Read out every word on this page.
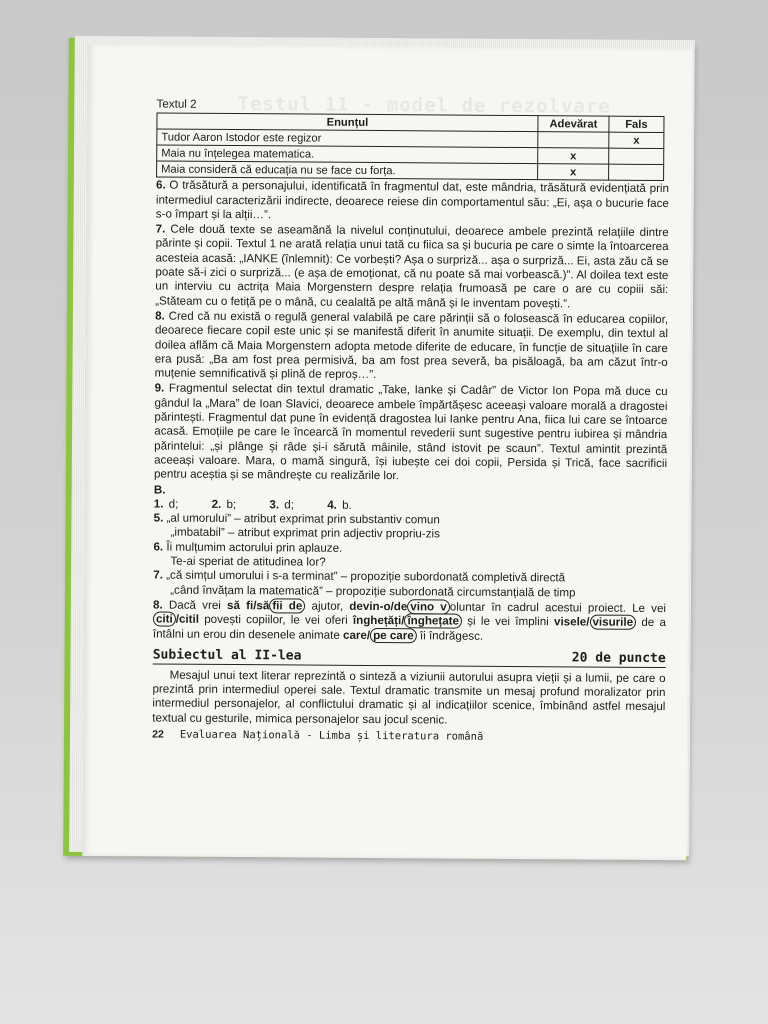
Testul 11 - model de rezolvare
Textul 2
Enunțul	Adevărat	Fals
Tudor Aaron Istodor este regizor		x
Maia nu înțelegea matematica.	x	
Maia consideră că educația nu se face cu forța.	x	

6. O trăsătură a personajului, identificată în fragmentul dat, este mândria, trăsătură evidențiată prin intermediul caracterizării indirecte, deoarece reiese din comportamentul său: „Ei, așa o bucurie face s-o împart și la alții…”.

7. Cele două texte se aseamănă la nivelul conținutului, deoarece ambele prezintă relațiile dintre părinte și copii. Textul 1 ne arată relația unui tată cu fiica sa și bucuria pe care o simte la întoarcerea acesteia acasă: „IANKE (înlemnit): Ce vorbești? Așa o surpriză... așa o surpriză... Ei, asta zău că se poate să-i zici o surpriză... (e așa de emoționat, că nu poate să mai vorbească.)”. Al doilea text este un interviu cu actrița Maia Morgenstern despre relația frumoasă pe care o are cu copiii săi: „Stăteam cu o fetiță pe o mână, cu cealaltă pe altă mână și le inventam povești.”.

8. Cred că nu există o regulă general valabilă pe care părinții să o folosească în educarea copiilor, deoarece fiecare copil este unic și se manifestă diferit în anumite situații. De exemplu, din textul al doilea aflăm că Maia Morgenstern adopta metode diferite de educare, în funcție de situațiile în care era pusă: „Ba am fost prea permisivă, ba am fost prea severă, ba pisăloagă, ba am căzut într-o muțenie semnificativă și plină de reproș…”.

9. Fragmentul selectat din textul dramatic „Take, Ianke și Cadâr” de Victor Ion Popa mă duce cu gândul la „Mara” de Ioan Slavici, deoarece ambele împărtășesc aceeași valoare morală a dragostei părintești. Fragmentul dat pune în evidență dragostea lui Ianke pentru Ana, fiica lui care se întoarce acasă. Emoțiile pe care le încearcă în momentul revederii sunt sugestive pentru iubirea și mândria părintelui: „și plânge și râde și-i sărută mâinile, stând istovit pe scaun”. Textul amintit prezintă aceeași valoare. Mara, o mamă singură, își iubește cei doi copii, Persida și Trică, face sacrificii pentru aceștia și se mândrește cu realizările lor.

B.
1. d;	2. b;	3. d;	4. b.

5. „al umorului” – atribut exprimat prin substantiv comun

„imbatabil” – atribut exprimat prin adjectiv propriu-zis

6. Îi mulțumim actorului prin aplauze.

Te-ai speriat de atitudinea lor?

7. „că simțul umorului i s-a terminat” – propoziție subordonată completivă directă

„când învățam la matematică” – propoziție subordonată circumstanțială de timp

8. Dacă vrei să fi/să fii de ajutor, devin-o/de vino v oluntar în cadrul acestui proiect. Le vei citi /citil povești copiilor, le vei oferi înghețăți/ înghețate și le vei împlini visele/ visurile de a întâlni un erou din desenele animate care/ pe care îi îndrăgesc.

Subiectul al II-lea	20 de puncte

Mesajul unui text literar reprezintă o sinteză a viziunii autorului asupra vieții și a lumii, pe care o prezintă prin intermediul operei sale. Textul dramatic transmite un mesaj profund moralizator prin intermediul personajelor, al conflictului dramatic și al indicațiilor scenice, îmbinând astfel mesajul textual cu gesturile, mimica personajelor sau jocul scenic.

22 Evaluarea Națională - Limba și literatura română
